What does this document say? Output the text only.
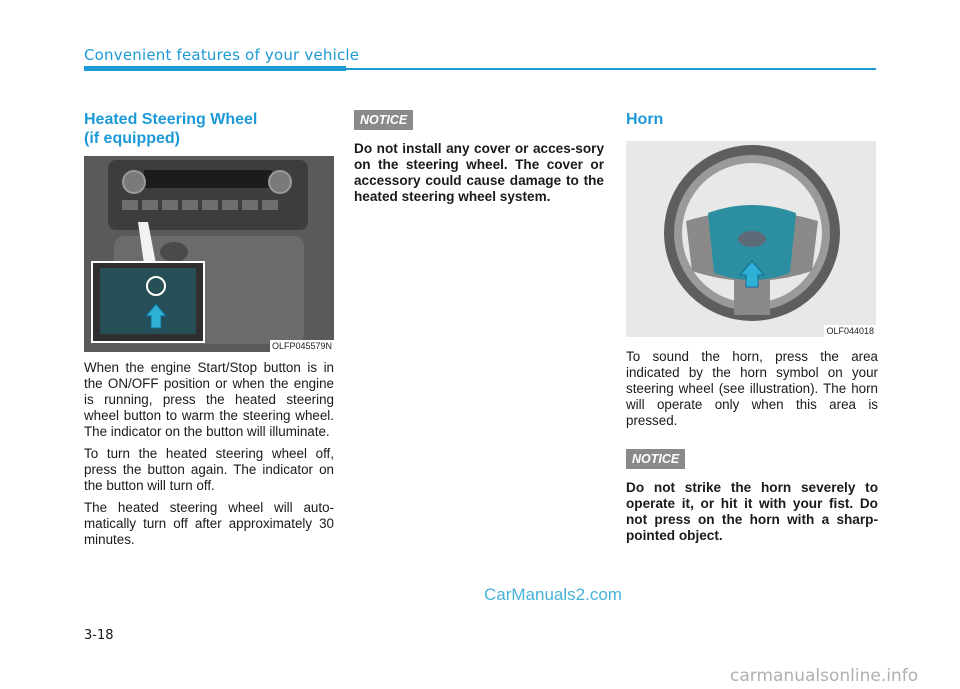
Convenient features of your vehicle
Heated Steering Wheel
(if equipped)
OLFP045579N

When the engine Start/Stop button is in the ON/OFF position or when the engine is running, press the heated steering wheel button to warm the steering wheel. The indicator on the button will illuminate.

To turn the heated steering wheel off, press the button again. The indicator on the button will turn off.

The heated steering wheel will auto-matically turn off after approximately 30 minutes.

NOTICE

Do not install any cover or acces-sory on the steering wheel. The cover or accessory could cause damage to the heated steering wheel system.

Horn
OLF044018

To sound the horn, press the area indicated by the horn symbol on your steering wheel (see illustration). The horn will operate only when this area is pressed.

NOTICE

Do not strike the horn severely to operate it, or hit it with your fist. Do not press on the horn with a sharp-pointed object.

CarManuals2.com
3-18
carmanualsonline.info
